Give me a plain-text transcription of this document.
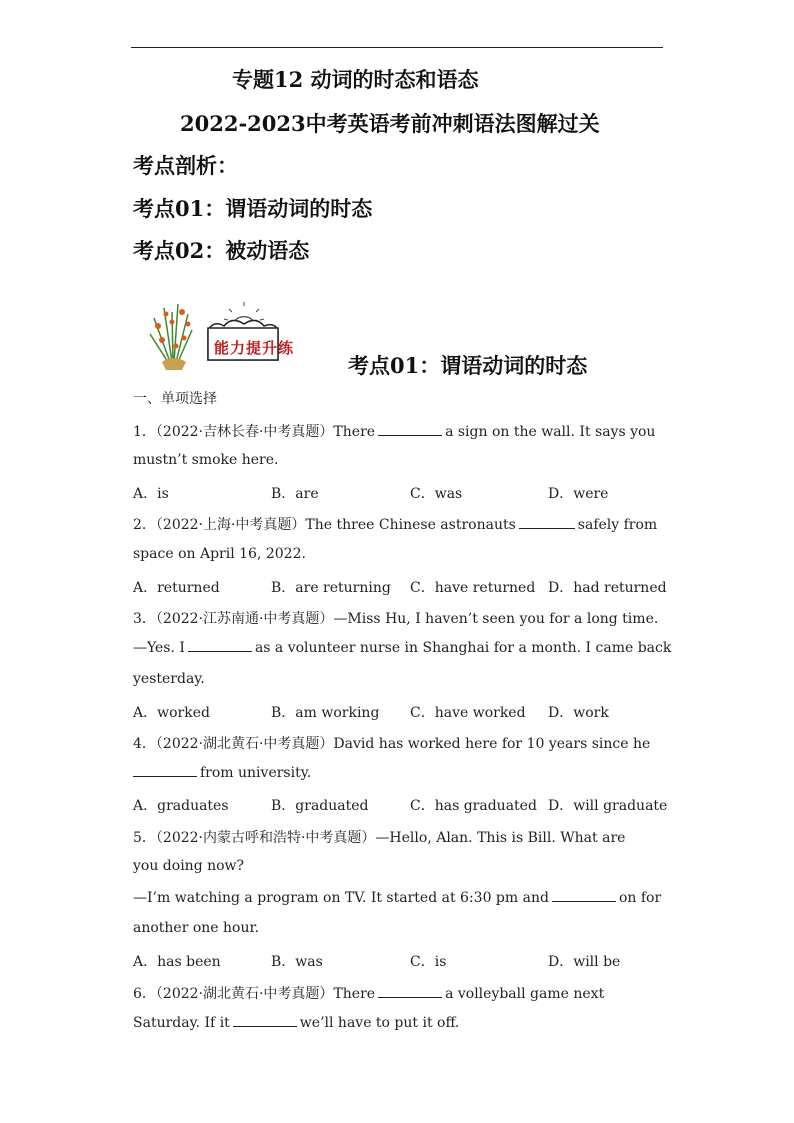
专题12 动词的时态和语态
2022-2023中考英语考前冲刺语法图解过关
考点剖析：
考点01：谓语动词的时态
考点02：被动语态
能力提升练
考点01：谓语动词的时态
一、单项选择
1．（2022·吉林长春·中考真题）There	a sign on the wall. It says you
mustn’t smoke here.
A．is	B．are	C．was	D．were
2．（2022·上海·中考真题）The three Chinese astronauts	safely from
space on April 16, 2022.
A．returned	B．are returning C．have returned D．had returned
3．（2022·江苏南通·中考真题）—Miss Hu, I haven’t seen you for a long time.
—Yes. I	as a volunteer nurse in Shanghai for a month. I came back
yesterday.
A．worked	B．am working C．have worked D．work
4．（2022·湖北黄石·中考真题）David has worked here for 10 years since he
from university.
A．graduates	B．graduated	C．has graduated D．will graduate
5．（2022·内蒙古呼和浩特·中考真题）—Hello, Alan. This is Bill. What are
you doing now?
—I’m watching a program on TV. It started at 6:30 pm and	on for
another one hour.
A．has been	B．was	C．is	D．will be
6．（2022·湖北黄石·中考真题）There	a volleyball game next
Saturday. If it	we’ll have to put it off.
